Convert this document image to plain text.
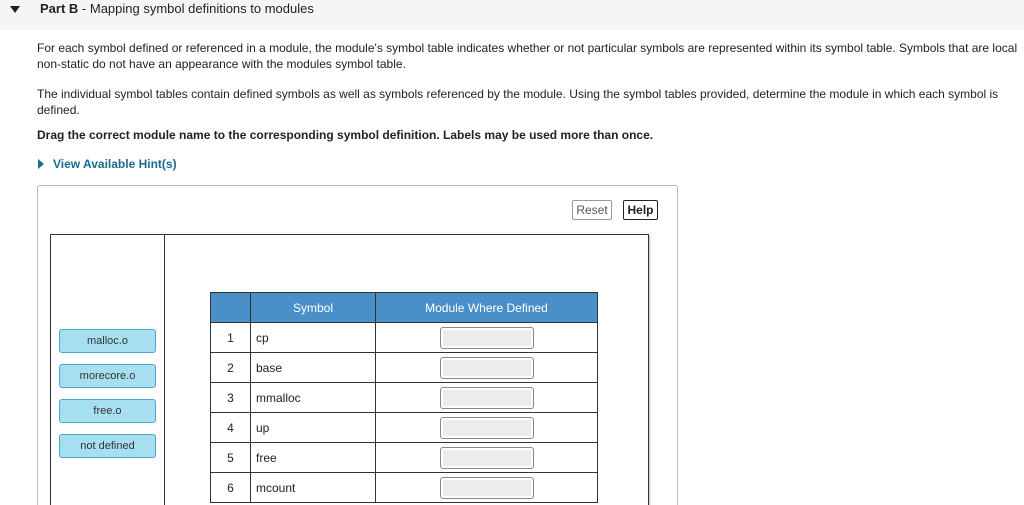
Part B - Mapping symbol definitions to modules

For each symbol defined or referenced in a module, the module's symbol table indicates whether or not particular symbols are represented within its symbol table. Symbols that are local non-static do not have an appearance with the modules symbol table.

The individual symbol tables contain defined symbols as well as symbols referenced by the module. Using the symbol tables provided, determine the module in which each symbol is defined.

Drag the correct module name to the corresponding symbol definition. Labels may be used more than once.

View Available Hint(s)
Reset	Help
malloc.o
morecore.o
free.o
not defined
	Symbol	Module Where Defined
1	cp	

2	base	

3	mmalloc	

4	up	

5	free	

6	mcount	
